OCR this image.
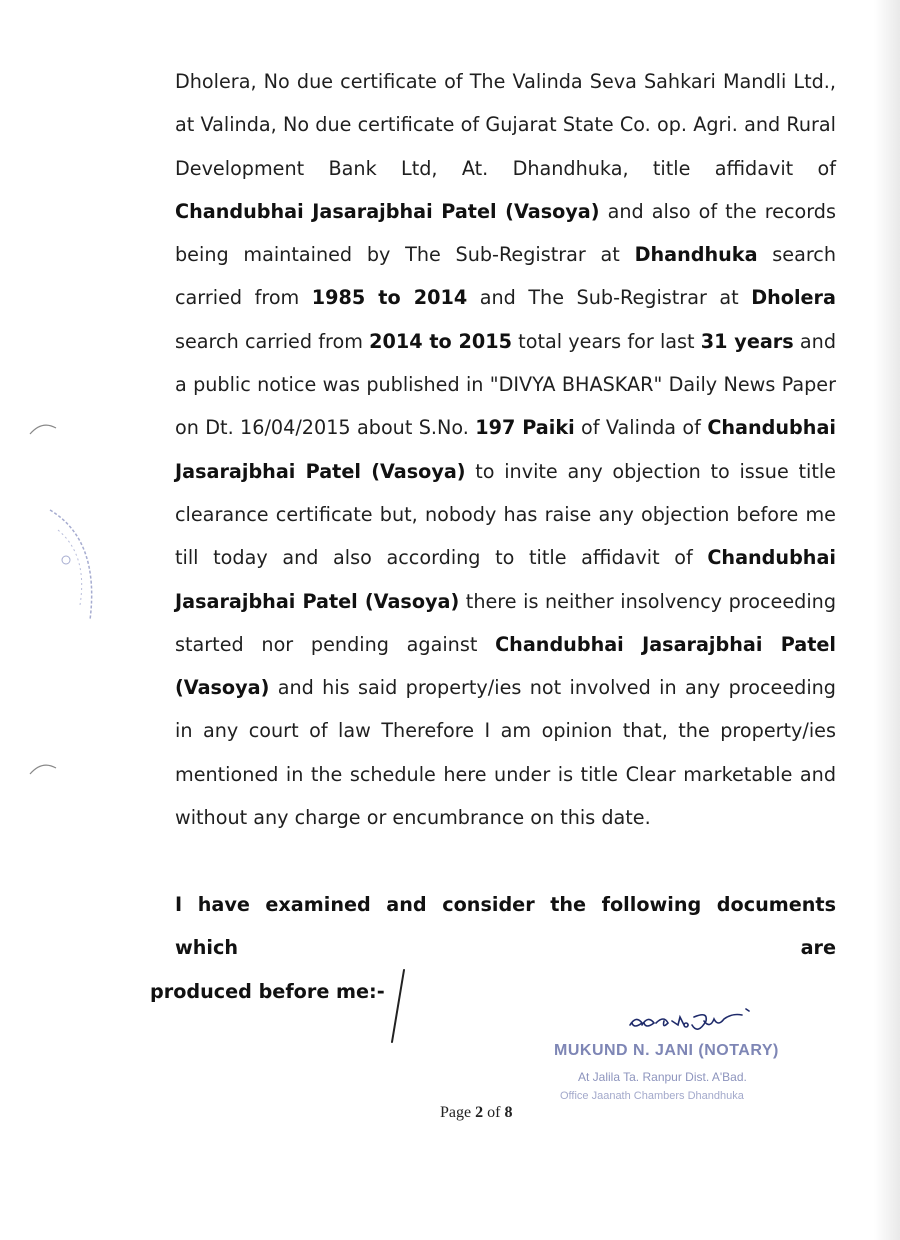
Dholera, No due certificate of The Valinda Seva Sahkari Mandli Ltd., at Valinda, No due certificate of Gujarat State Co. op. Agri. and Rural Development Bank Ltd, At. Dhandhuka, title affidavit of Chandubhai Jasarajbhai Patel (Vasoya) and also of the records being maintained by The Sub-Registrar at Dhandhuka search carried from 1985 to 2014 and The Sub-Registrar at Dholera search carried from 2014 to 2015 total years for last 31 years and a public notice was published in "DIVYA BHASKAR" Daily News Paper on Dt. 16/04/2015 about S.No. 197 Paiki of Valinda of Chandubhai Jasarajbhai Patel (Vasoya) to invite any objection to issue title clearance certificate but, nobody has raise any objection before me till today and also according to title affidavit of Chandubhai Jasarajbhai Patel (Vasoya) there is neither insolvency proceeding started nor pending against Chandubhai Jasarajbhai Patel (Vasoya) and his said property/ies not involved in any proceeding in any court of law Therefore I am opinion that, the property/ies mentioned in the schedule here under is title Clear marketable and without any charge or encumbrance on this date.

I have examined and consider the following documents which are
produced before me:-

MUKUND N. JANI (NOTARY)

At Jalila Ta. Ranpur Dist. A'Bad.

Office Jaanath Chambers Dhandhuka

Page 2 of 8
